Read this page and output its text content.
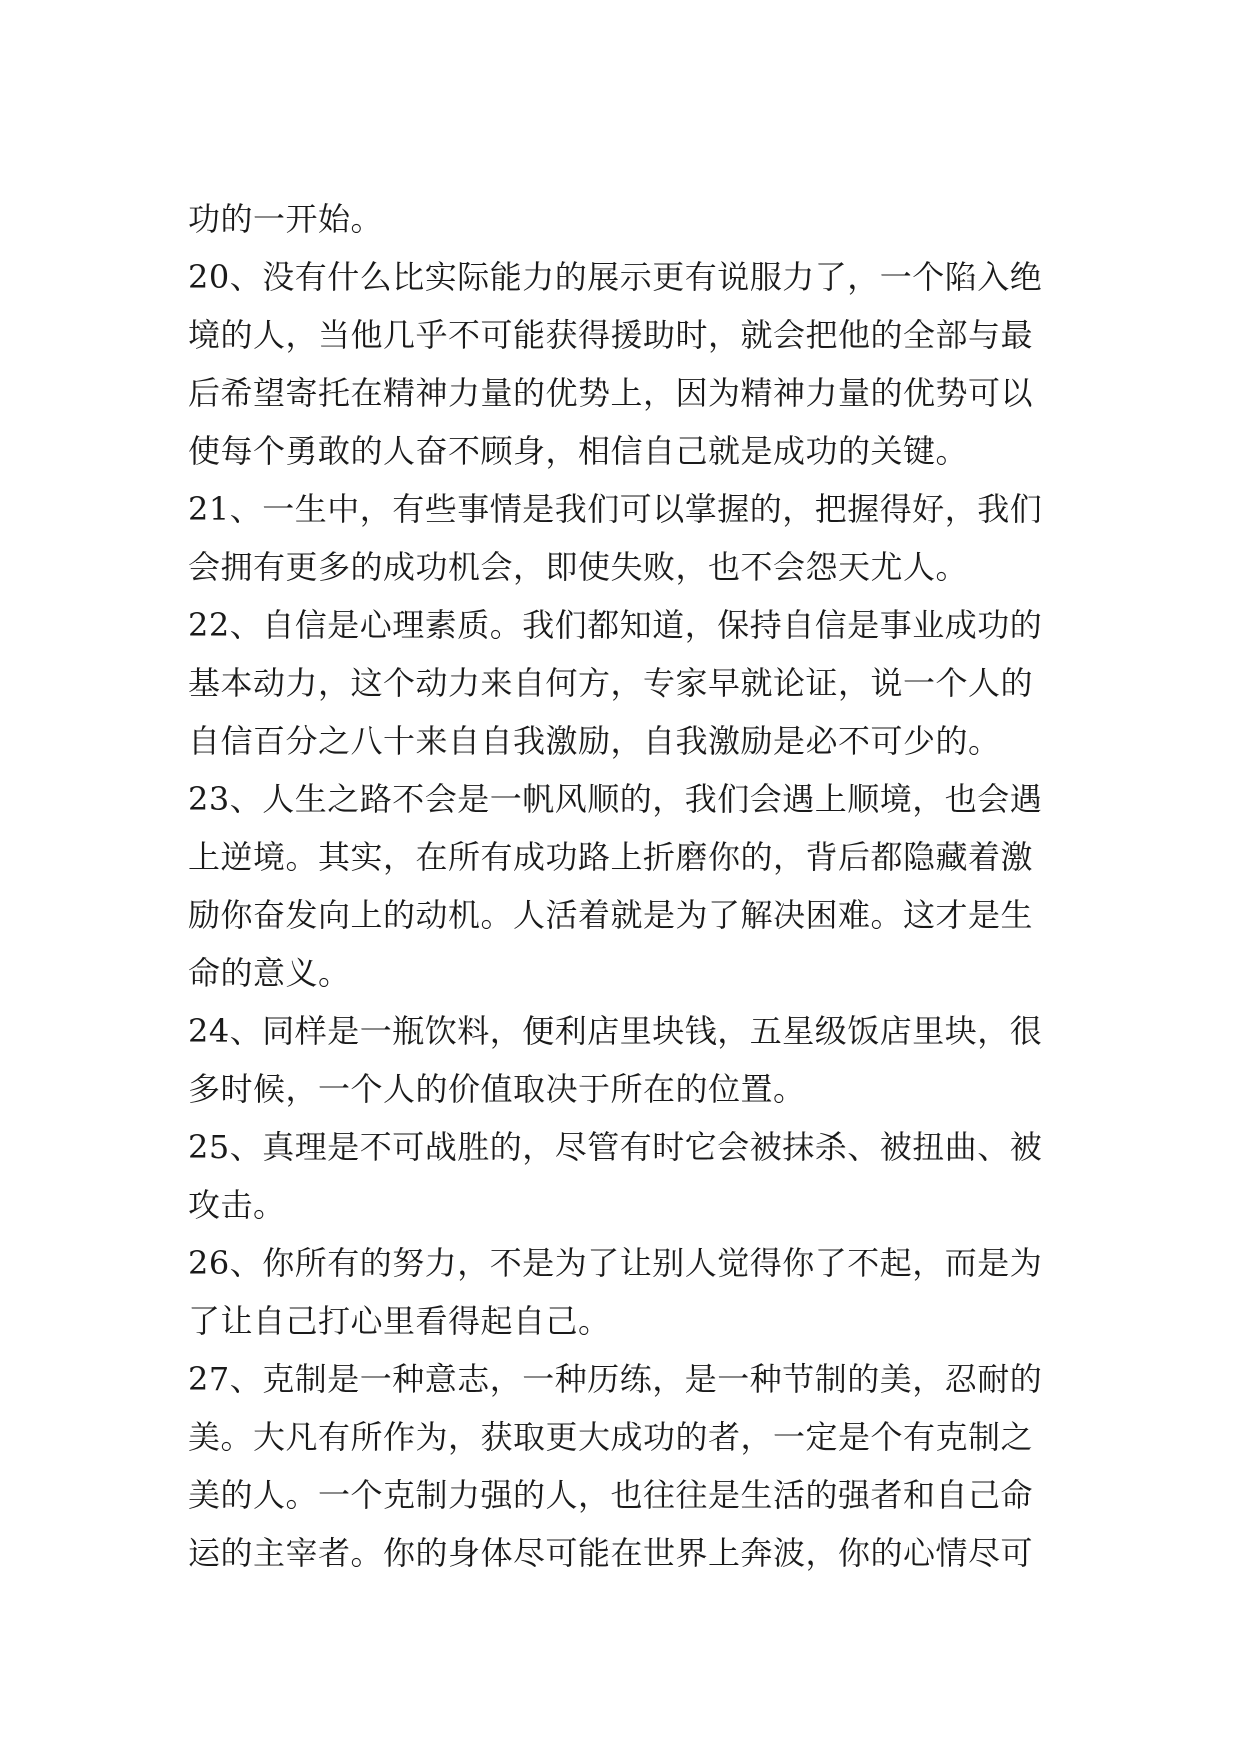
功的一开始。
20、没有什么比实际能力的展示更有说服力了，一个陷入绝
境的人，当他几乎不可能获得援助时，就会把他的全部与最
后希望寄托在精神力量的优势上，因为精神力量的优势可以
使每个勇敢的人奋不顾身，相信自己就是成功的关键。
21、一生中，有些事情是我们可以掌握的，把握得好，我们
会拥有更多的成功机会，即使失败，也不会怨天尤人。
22、自信是心理素质。我们都知道，保持自信是事业成功的
基本动力，这个动力来自何方，专家早就论证，说一个人的
自信百分之八十来自自我激励，自我激励是必不可少的。
23、人生之路不会是一帆风顺的，我们会遇上顺境，也会遇
上逆境。其实，在所有成功路上折磨你的，背后都隐藏着激
励你奋发向上的动机。人活着就是为了解决困难。这才是生
命的意义。
24、同样是一瓶饮料，便利店里块钱，五星级饭店里块，很
多时候，一个人的价值取决于所在的位置。
25、真理是不可战胜的，尽管有时它会被抹杀、被扭曲、被
攻击。
26、你所有的努力，不是为了让别人觉得你了不起，而是为
了让自己打心里看得起自己。
27、克制是一种意志，一种历练，是一种节制的美，忍耐的
美。大凡有所作为，获取更大成功的者，一定是个有克制之
美的人。一个克制力强的人，也往往是生活的强者和自己命
运的主宰者。你的身体尽可能在世界上奔波，你的心情尽可
